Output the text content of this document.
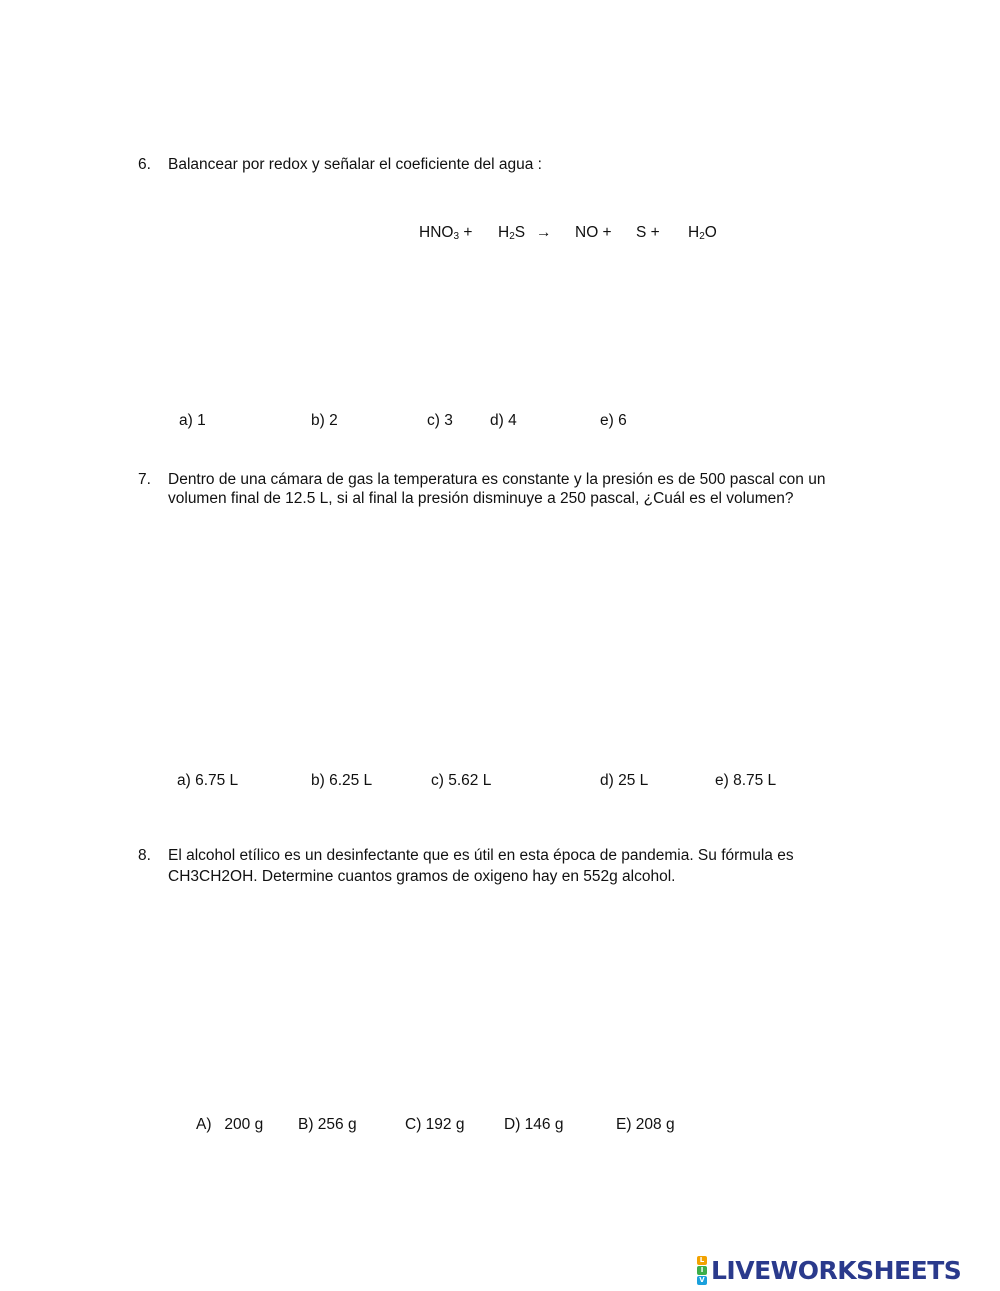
6. Balancear por redox y señalar el coeficiente del agua :
$HNO_3 + H_2S$ → NO + $S + H_2O$
a) 1	b) 2	c) 3 d) 4	e) 6
7. Dentro de una cámara de gas la temperatura es constante y la presión es de 500 pascal con un
volumen final de 12.5 L, si al final la presión disminuye a 250 pascal, ¿Cuál es el volumen?
a) 6.75 L	b) 6.25 L	c) 5.62 L	d) 25 L	e) 8.75 L
8. El alcohol etílico es un desinfectante que es útil en esta época de pandemia. Su fórmula es
CH3CH2OH. Determine cuantos gramos de oxigeno hay en 552g alcohol.
A)   200 g B) 256 g	C) 192 g	D) 146 g	E) 208 g
L
I
V LIVEWORKSHEETS
